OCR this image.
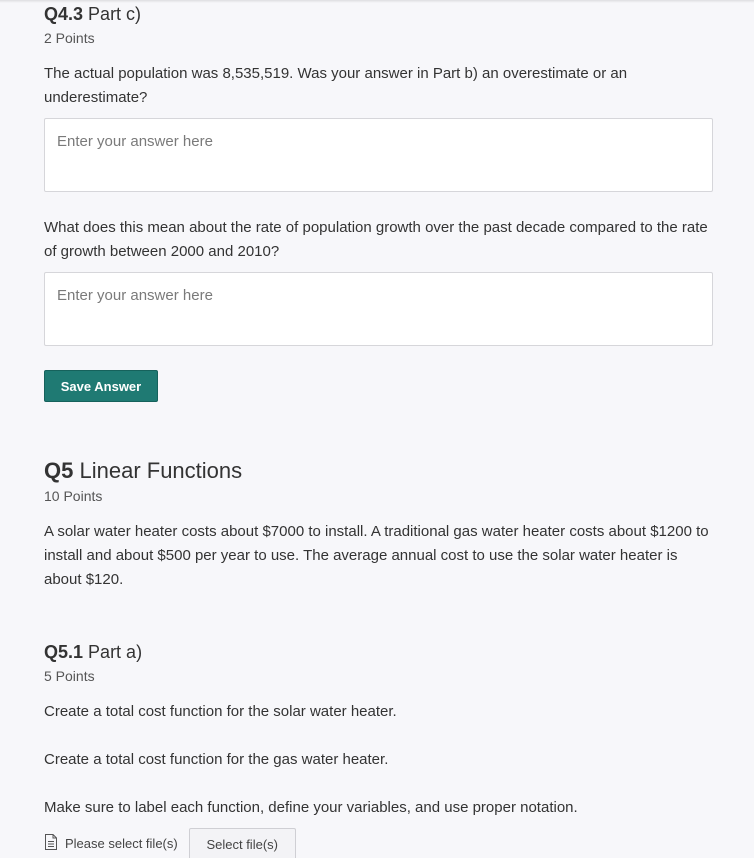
Q4.3 Part c)
2 Points

The actual population was 8,535,519. Was your answer in Part b) an overestimate or an underestimate?

Enter your answer here

What does this mean about the rate of population growth over the past decade compared to the rate of growth between 2000 and 2010?

Enter your answer here
Save Answer
Q5 Linear Functions
10 Points

A solar water heater costs about $7000 to install. A traditional gas water heater costs about $1200 to install and about $500 per year to use. The average annual cost to use the solar water heater is about $120.

Q5.1 Part a)
5 Points

Create a total cost function for the solar water heater.

Create a total cost function for the gas water heater.

Make sure to label each function, define your variables, and use proper notation.

Please select file(s)	Select file(s)
